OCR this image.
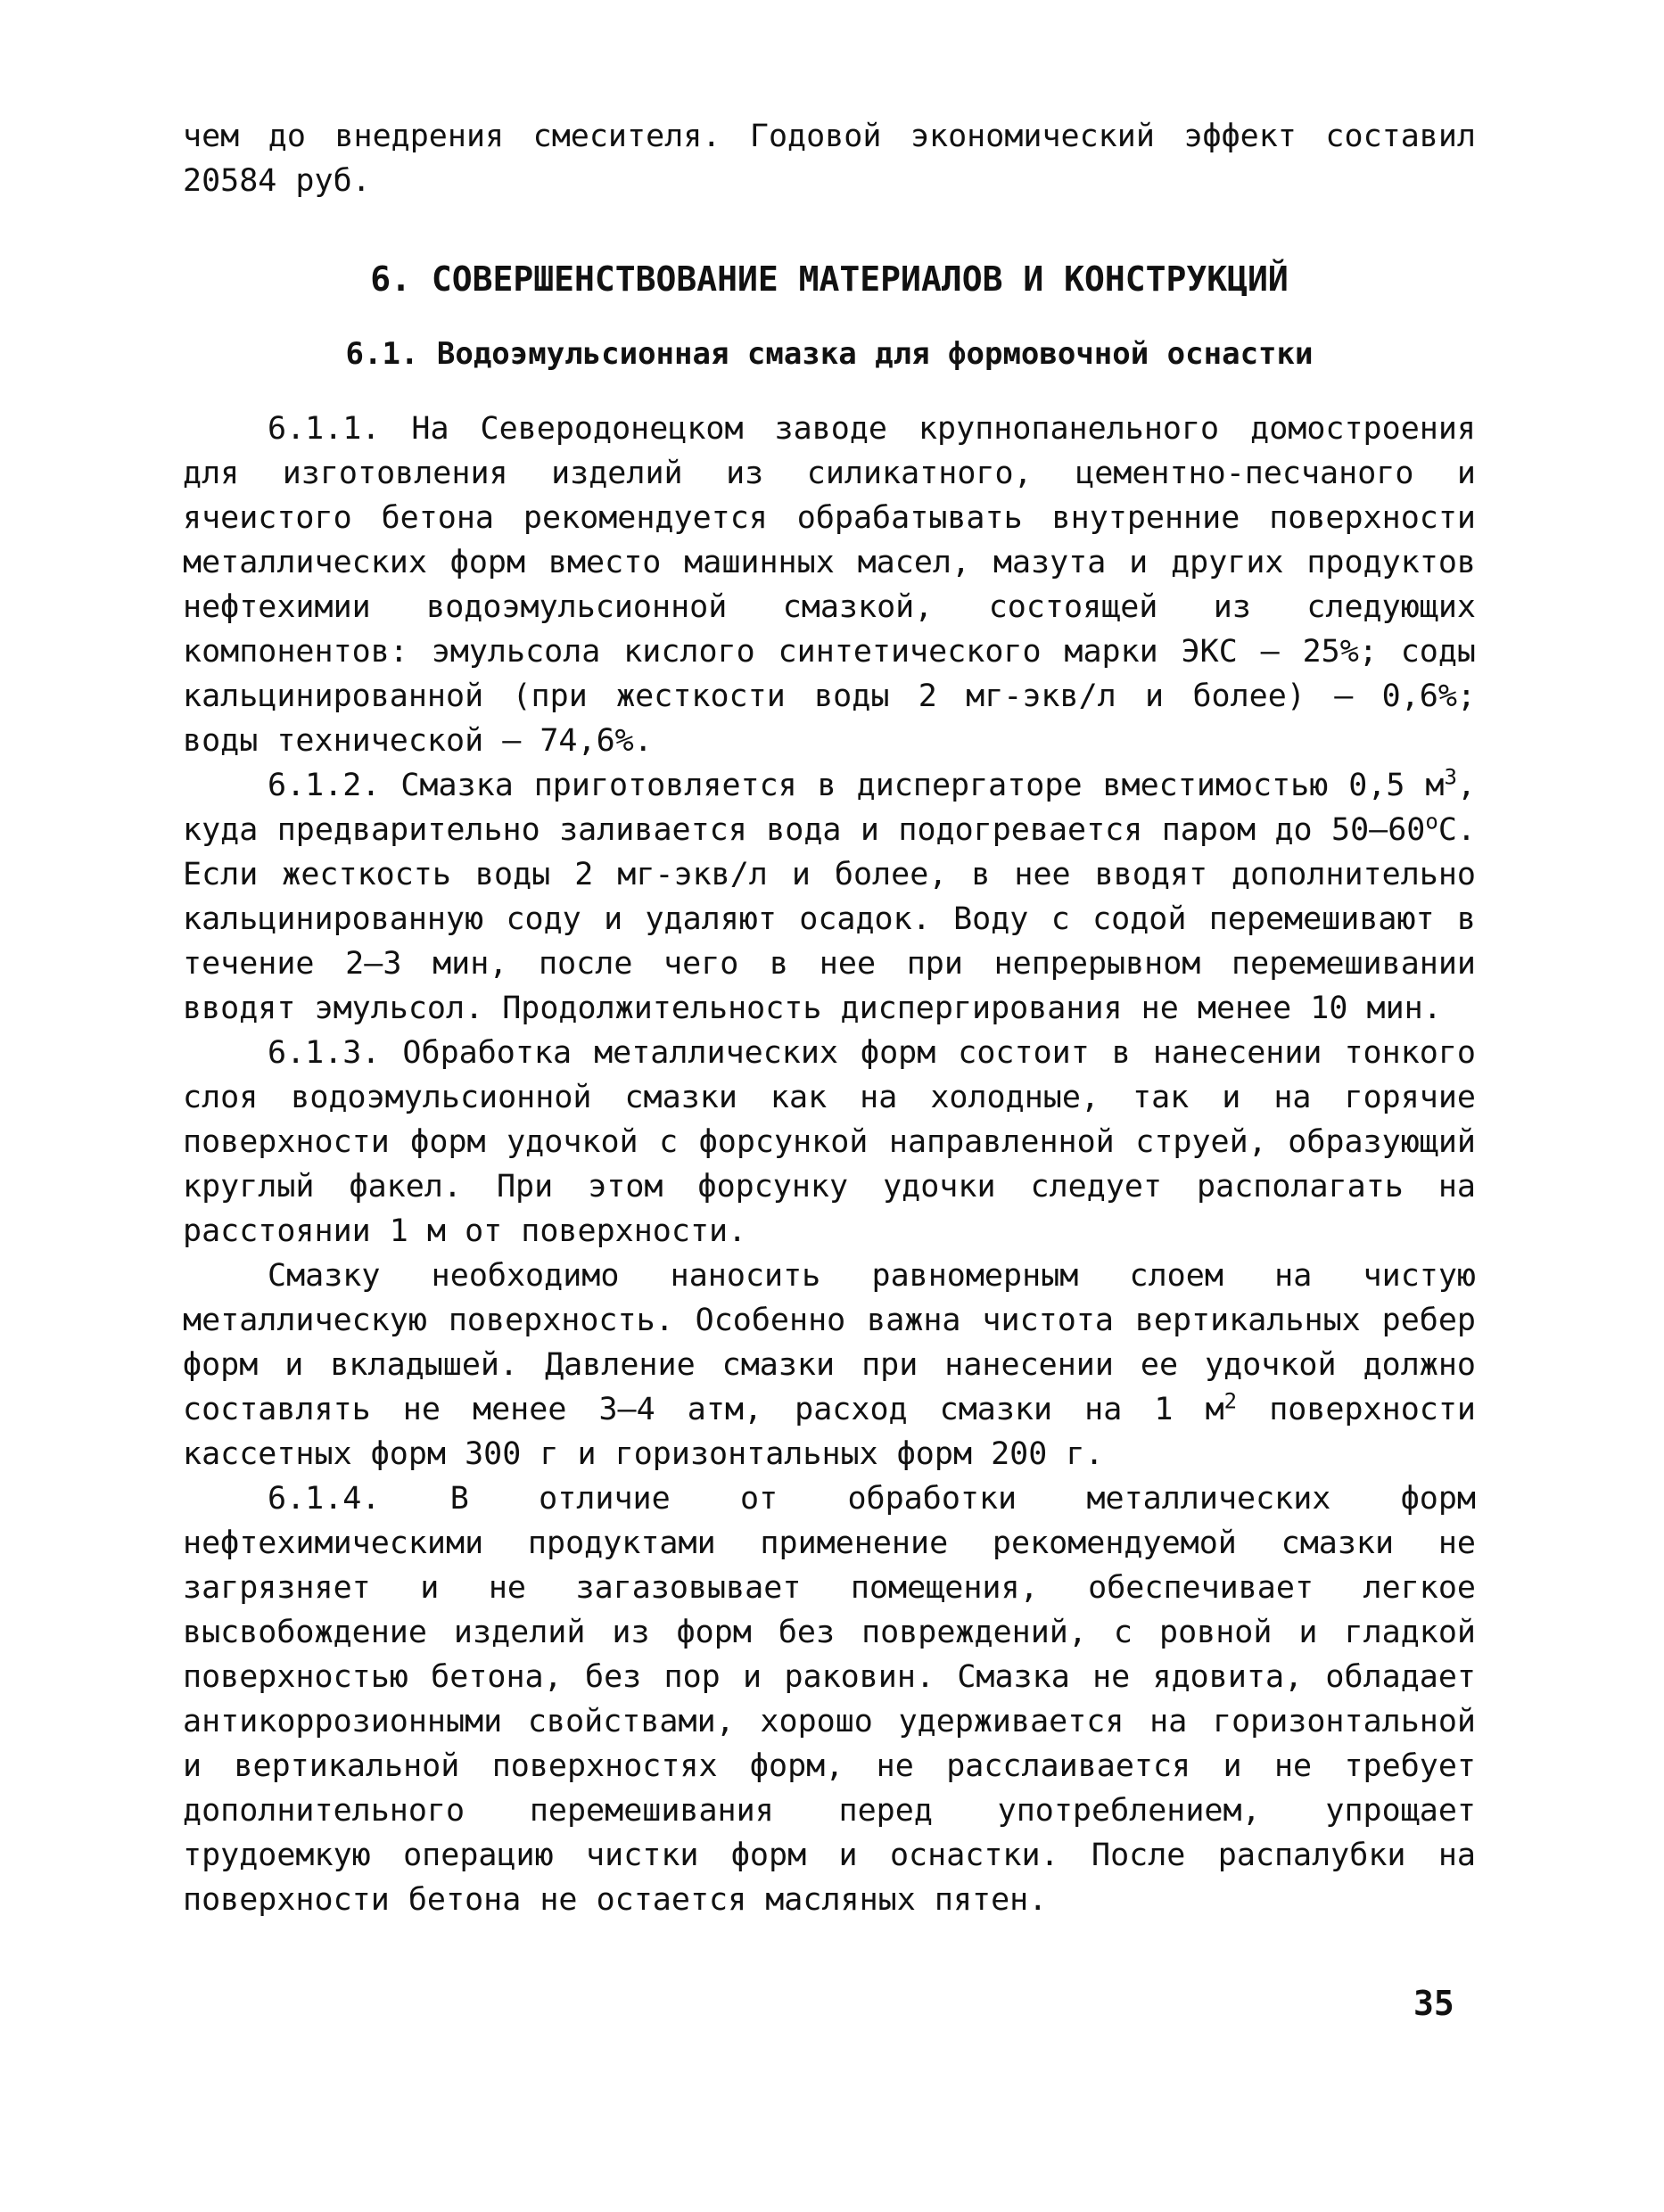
чем до внедрения смесителя. Годовой экономический эффект составил 20584 руб.

6. СОВЕРШЕНСТВОВАНИЕ МАТЕРИАЛОВ И КОНСТРУКЦИЙ
6.1. Водоэмульсионная смазка для формовочной оснастки

6.1.1. На Северодонецком заводе крупнопанельного домостроения для изготовления изделий из силикатного, цементно-песчаного и ячеистого бетона рекомендуется обрабатывать внутренние поверхности металлических форм вместо машинных масел, мазута и других продуктов нефтехимии водоэмульсионной смазкой, состоящей из следующих компонентов: эмульсола кислого синтетического марки ЭКС – 25%; соды кальцинированной (при жесткости воды 2 мг-экв/л и более) – 0,6%; воды технической – 74,6%.

6.1.2. Смазка приготовляется в диспергаторе вместимостью 0,5 $м^3$, куда предварительно заливается вода и подогревается паром до $50-60^оС$. Если жесткость воды 2 мг-экв/л и более, в нее вводят дополнительно кальцинированную соду и удаляют осадок. Воду с содой перемешивают в течение 2–3 мин, после чего в нее при непрерывном перемешивании вводят эмульсол. Продолжительность диспергирования не менее 10 мин.

6.1.3. Обработка металлических форм состоит в нанесении тонкого слоя водоэмульсионной смазки как на холодные, так и на горячие поверхности форм удочкой с форсункой направленной струей, образующий круглый факел. При этом форсунку удочки следует располагать на расстоянии 1 м от поверхности.

Смазку необходимо наносить равномерным слоем на чистую металлическую поверхность. Особенно важна чистота вертикальных ребер форм и вкладышей. Давление смазки при нанесении ее удочкой должно составлять не менее 3–4 атм, расход смазки на 1 $м^2$ поверхности кассетных форм 300 г и горизонтальных форм 200 г.

6.1.4. В отличие от обработки металлических форм нефтехимическими продуктами применение рекомендуемой смазки не загрязняет и не загазовывает помещения, обеспечивает легкое высвобождение изделий из форм без повреждений, с ровной и гладкой поверхностью бетона, без пор и раковин. Смазка не ядовита, обладает антикоррозионными свойствами, хорошо удерживается на горизонтальной и вертикальной поверхностях форм, не расслаивается и не требует дополнительного перемешивания перед употреблением, упрощает трудоемкую операцию чистки форм и оснастки. После распалубки на поверхности бетона не остается масляных пятен.

35
